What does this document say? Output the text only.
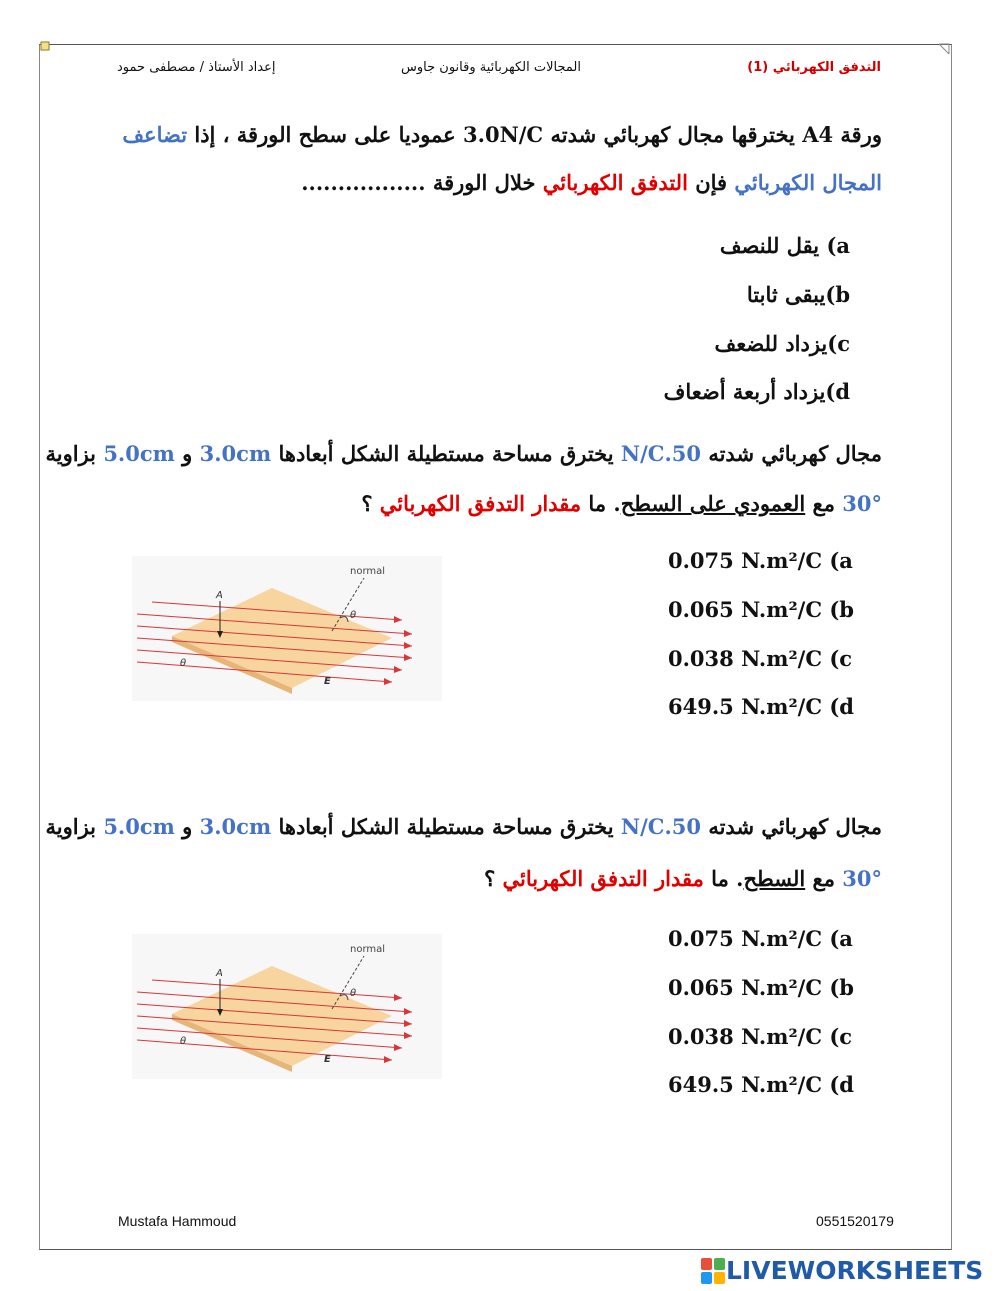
التدفق الكهربائي (1)
المجالات الكهربائية وقانون جاوس
إعداد الأستاذ / مصطفى حمود
ورقة A4 يخترقها مجال كهربائي شدته 3.0N/C عموديا على سطح الورقة ، إذا تضاعف
المجال الكهربائي فإن التدفق الكهربائي خلال الورقة .................
a) يقل للنصف
b)يبقى ثابتا
c)يزداد للضعف
d)يزداد أربعة أضعاف
مجال كهربائي شدته 50.N/C يخترق مساحة مستطيلة الشكل أبعادها 3.0cm و 5.0cm بزاوية
30° مع العمودي على السطح. ما مقدار التدفق الكهربائي ؟
0.075 N.m²/C (a
0.065 N.m²/C (b
0.038 N.m²/C (c
649.5 N.m²/C (d
normal
A
θ
θ
E
مجال كهربائي شدته 50.N/C يخترق مساحة مستطيلة الشكل أبعادها 3.0cm و 5.0cm بزاوية
30° مع السطح. ما مقدار التدفق الكهربائي ؟
0.075 N.m²/C (a
0.065 N.m²/C (b
0.038 N.m²/C (c
649.5 N.m²/C (d
normal
A
θ
θ
E
Mustafa Hammoud	0551520179
LIVEWORKSHEETS
